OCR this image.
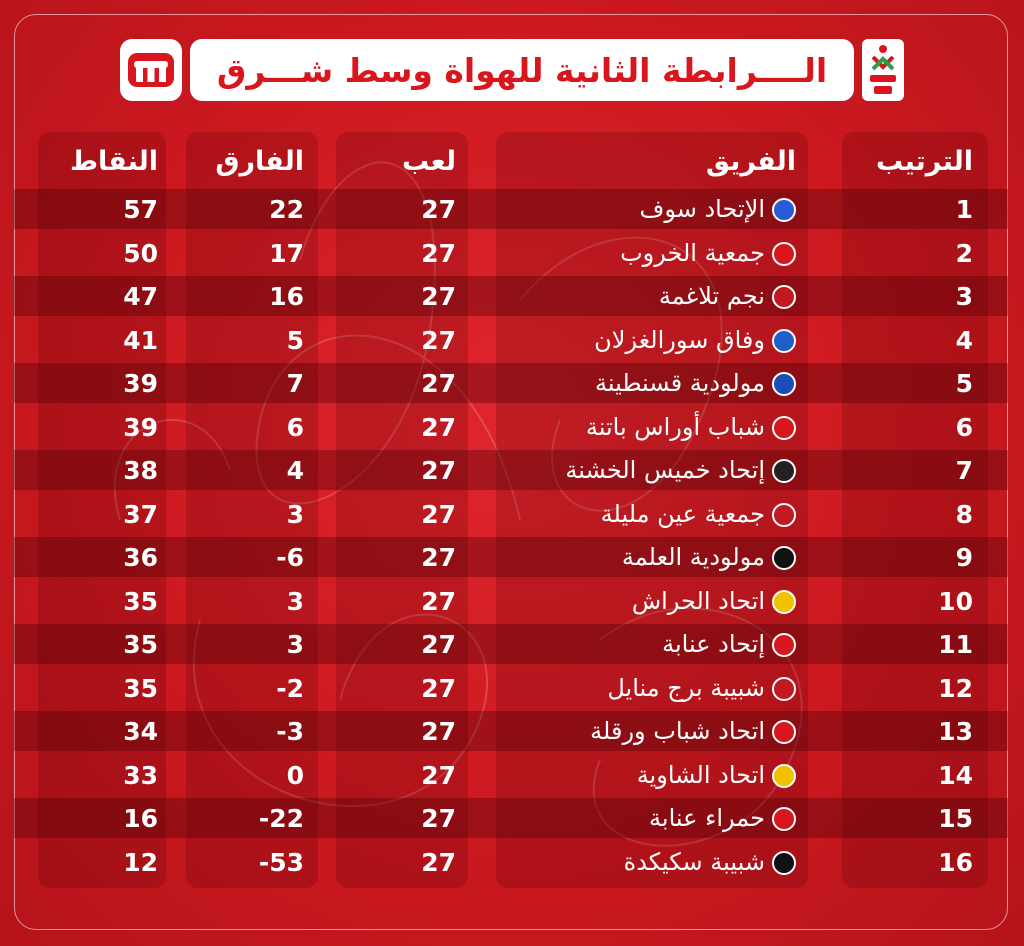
الــــرابطة الثانية للهواة وسط شـــرق
النقاط	الفارق	لعب	الفريق	الترتيب
57	22	27	الإتحاد سوف	1
50	17	27	جمعية الخروب	2
47	16	27	نجم تلاغمة	3
41	5	27	وفاق سورالغزلان	4
39	7	27	مولودية قسنطينة	5
39	6	27	شباب أوراس باتنة	6
38	4	27	إتحاد خميس الخشنة	7
37	3	27	جمعية عين مليلة	8
36	-6	27	مولودية العلمة	9
35	3	27	اتحاد الحراش	10
35	3	27	إتحاد عنابة	11
35	-2	27	شبيبة برج منايل	12
34	-3	27	اتحاد شباب ورقلة	13
33	0	27	اتحاد الشاوية	14
16	-22	27	حمراء عنابة	15
12	-53	27	شبيبة سكيكدة	16
